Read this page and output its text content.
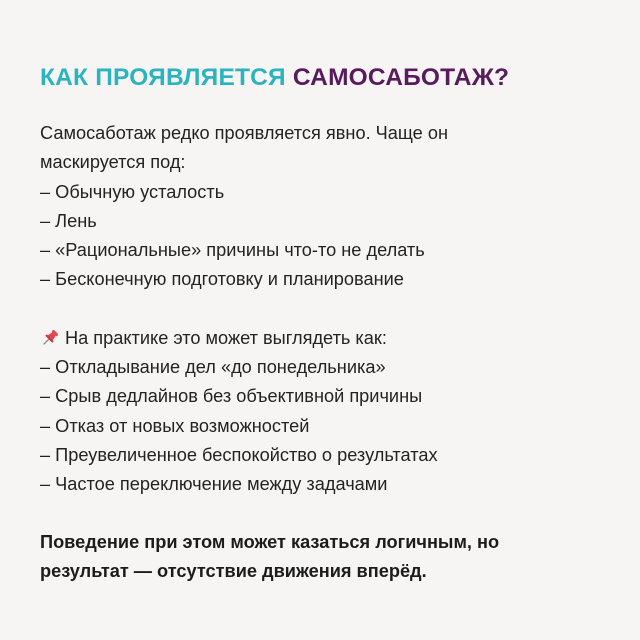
КАК ПРОЯВЛЯЕТСЯ САМОСАБОТАЖ?
Самосаботаж редко проявляется явно. Чаще он
маскируется под:
– Обычную усталость
– Лень
– «Рациональные» причины что-то не делать
– Бесконечную подготовку и планирование
На практике это может выглядеть как:
– Откладывание дел «до понедельника»
– Срыв дедлайнов без объективной причины
– Отказ от новых возможностей
– Преувеличенное беспокойство о результатах
– Частое переключение между задачами
Поведение при этом может казаться логичным, но
результат — отсутствие движения вперёд.
